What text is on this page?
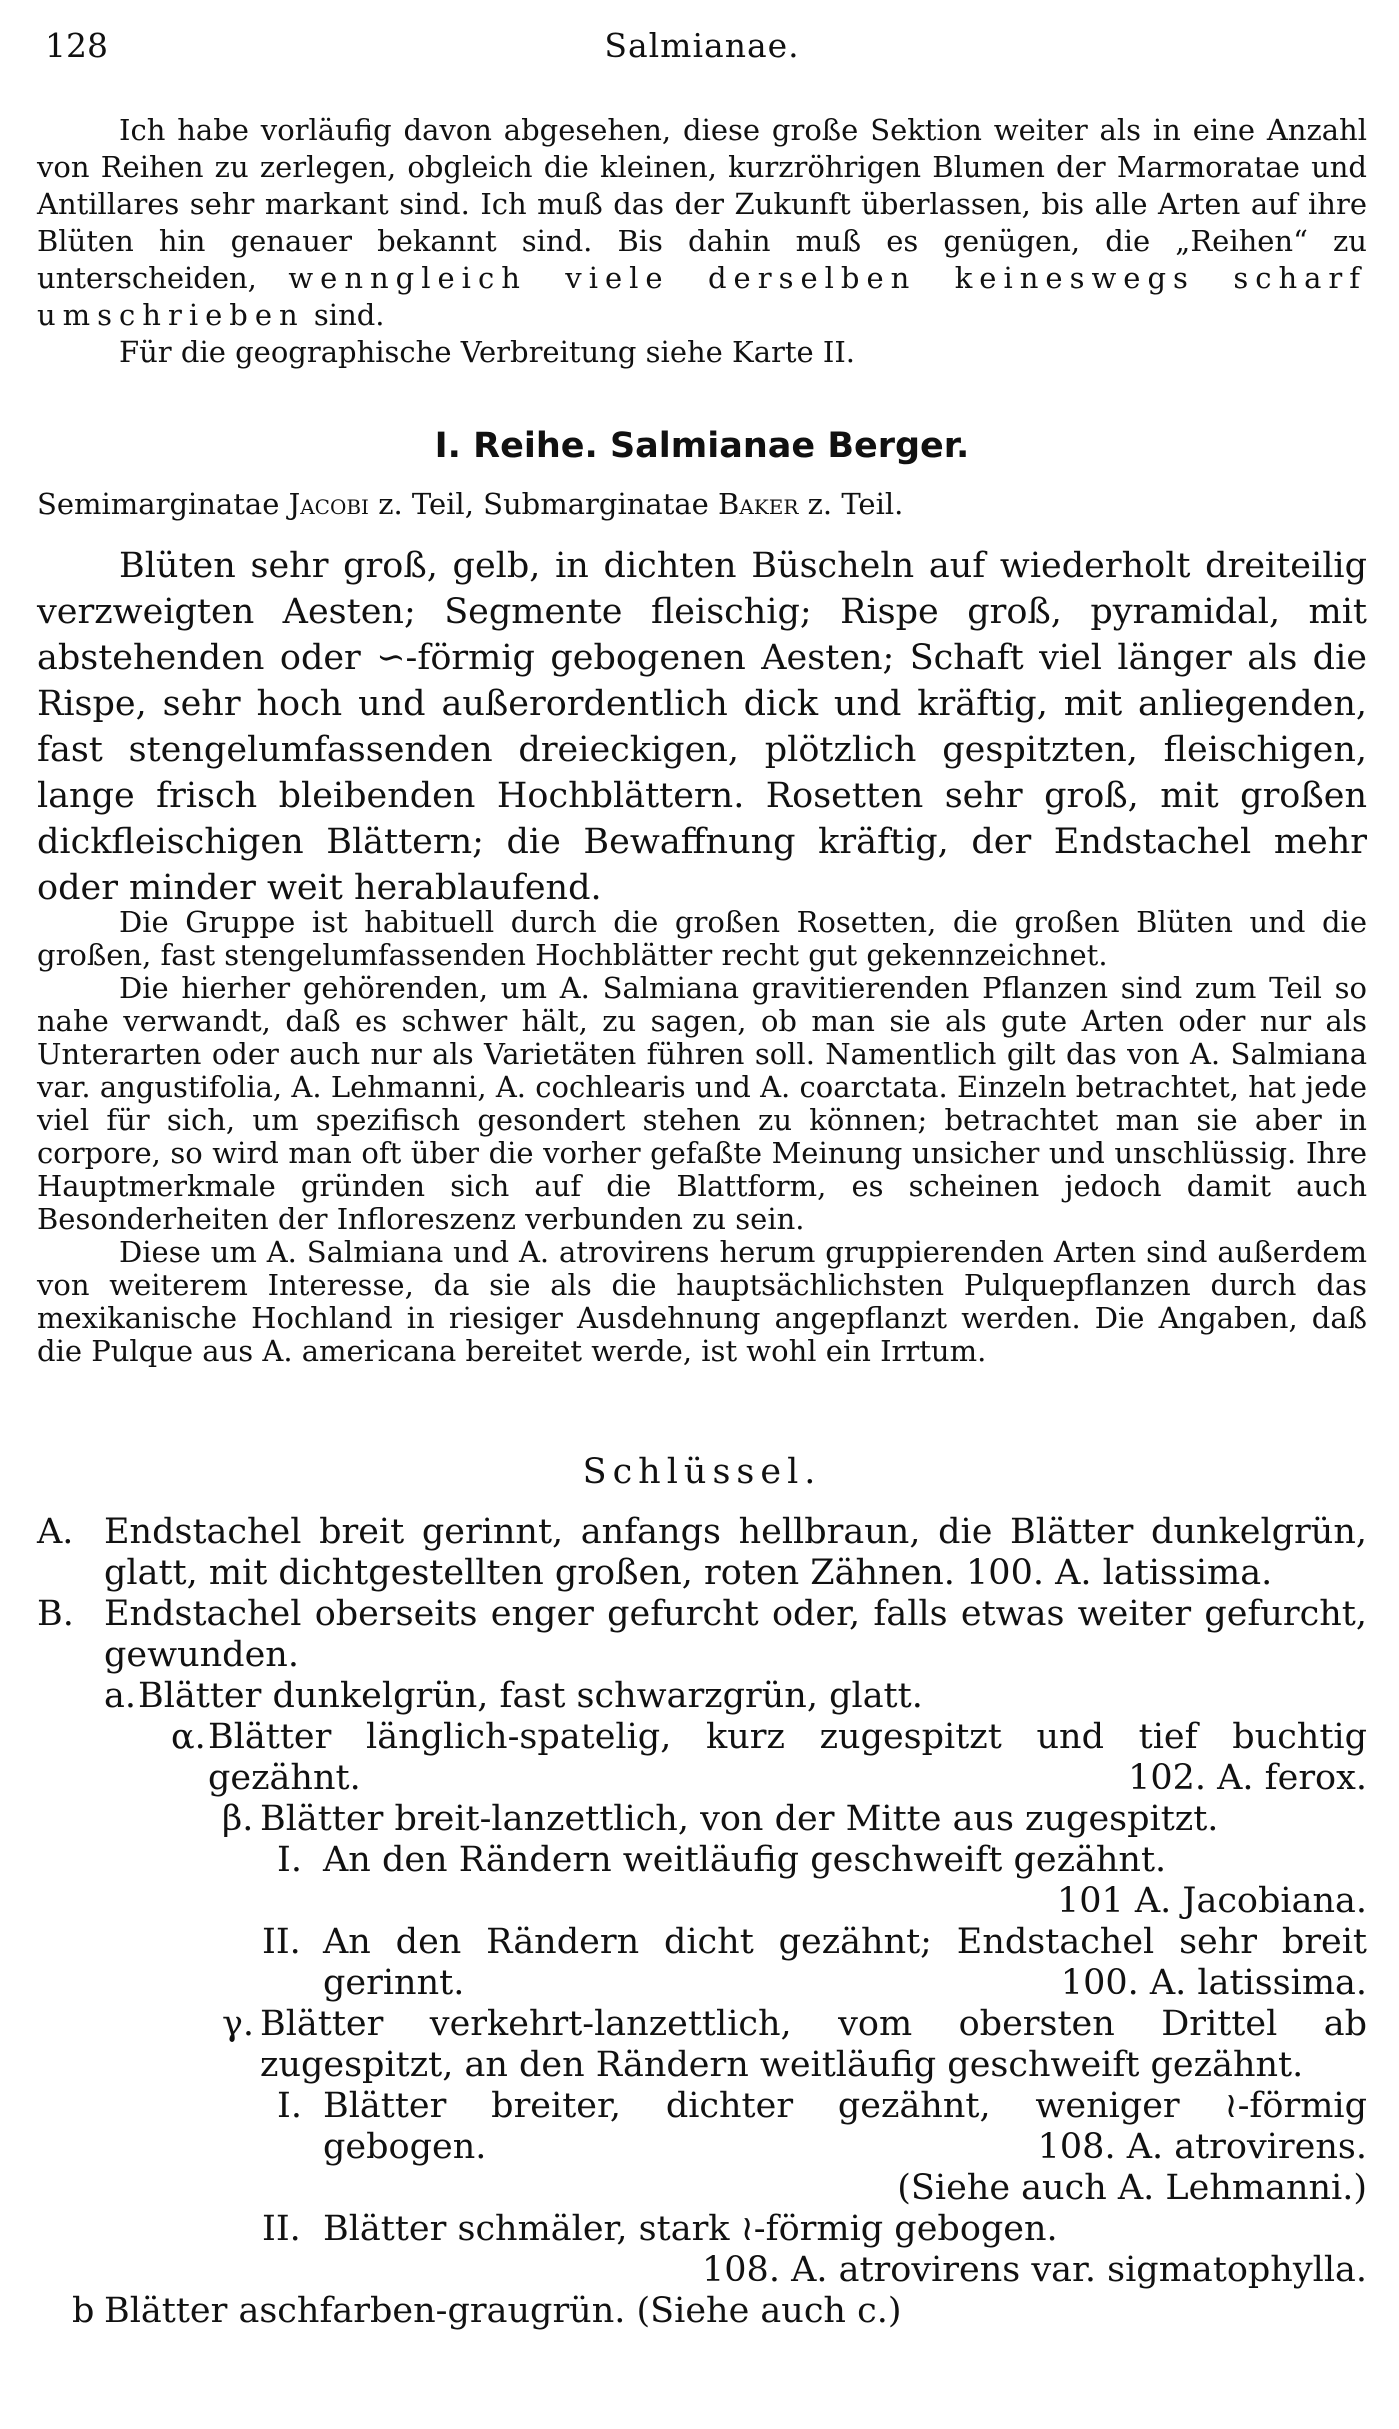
128	Salmianae.

Ich habe vorläufig davon abgesehen, diese große Sektion weiter als in eine Anzahl von Reihen zu zerlegen, obgleich die kleinen, kurzröhrigen Blumen der Marmoratae und Antillares sehr markant sind. Ich muß das der Zukunft überlassen, bis alle Arten auf ihre Blüten hin genauer bekannt sind. Bis dahin muß es genügen, die „Reihen“ zu unterscheiden, wenngleich viele derselben keineswegs scharf umschrieben sind.

Für die geographische Verbreitung siehe Karte II.

I. Reihe. Salmianae Berger.
Semimarginatae Jacobi z. Teil, Submarginatae Baker z. Teil.

Blüten sehr groß, gelb, in dichten Büscheln auf wiederholt dreiteilig verzweigten Aesten; Segmente fleischig; Rispe groß, pyramidal, mit abstehenden oder ∽-förmig gebogenen Aesten; Schaft viel länger als die Rispe, sehr hoch und außerordentlich dick und kräftig, mit anliegenden, fast stengelumfassenden dreieckigen, plötzlich gespitzten, fleischigen, lange frisch bleibenden Hochblättern. Rosetten sehr groß, mit großen dickfleischigen Blättern; die Bewaffnung kräftig, der Endstachel mehr oder minder weit herablaufend.

Die Gruppe ist habituell durch die großen Rosetten, die großen Blüten und die großen, fast stengelumfassenden Hochblätter recht gut gekennzeichnet.

Die hierher gehörenden, um A. Salmiana gravitierenden Pflanzen sind zum Teil so nahe verwandt, daß es schwer hält, zu sagen, ob man sie als gute Arten oder nur als Unterarten oder auch nur als Varietäten führen soll. Namentlich gilt das von A. Salmiana var. angustifolia, A. Lehmanni, A. cochlearis und A. coarctata. Einzeln betrachtet, hat jede viel für sich, um spezifisch gesondert stehen zu können; betrachtet man sie aber in corpore, so wird man oft über die vorher gefaßte Meinung unsicher und unschlüssig. Ihre Hauptmerkmale gründen sich auf die Blattform, es scheinen jedoch damit auch Besonderheiten der Infloreszenz verbunden zu sein.

Diese um A. Salmiana und A. atrovirens herum gruppierenden Arten sind außerdem von weiterem Interesse, da sie als die hauptsächlichsten Pulquepflanzen durch das mexikanische Hochland in riesiger Ausdehnung angepflanzt werden. Die Angaben, daß die Pulque aus A. americana bereitet werde, ist wohl ein Irrtum.

Schlüssel.
A. Endstachel breit gerinnt, anfangs hellbraun, die Blätter dunkelgrün, glatt, mit dichtgestellten großen, roten Zähnen. 100. A. latissima.
B. Endstachel oberseits enger gefurcht oder, falls etwas weiter gefurcht, gewunden.
a. Blätter dunkelgrün, fast schwarzgrün, glatt.
α. Blätter länglich-spatelig, kurz zugespitzt und tief buchtig gezähnt.	102. A. ferox.
β. Blätter breit-lanzettlich, von der Mitte aus zugespitzt.
I. An den Rändern weitläufig geschweift gezähnt.
101 A. Jacobiana.
II. An den Rändern dicht gezähnt; Endstachel sehr breit gerinnt.	100. A. latissima.
γ. Blätter verkehrt-lanzettlich, vom obersten Drittel ab zugespitzt, an den Rändern weitläufig geschweift gezähnt.
I. Blätter breiter, dichter gezähnt, weniger ≀-förmig gebogen.	108. A. atrovirens.
(Siehe auch A. Lehmanni.)
II. Blätter schmäler, stark ≀-förmig gebogen.
108. A. atrovirens var. sigmatophylla.
b Blätter aschfarben-graugrün. (Siehe auch c.)
